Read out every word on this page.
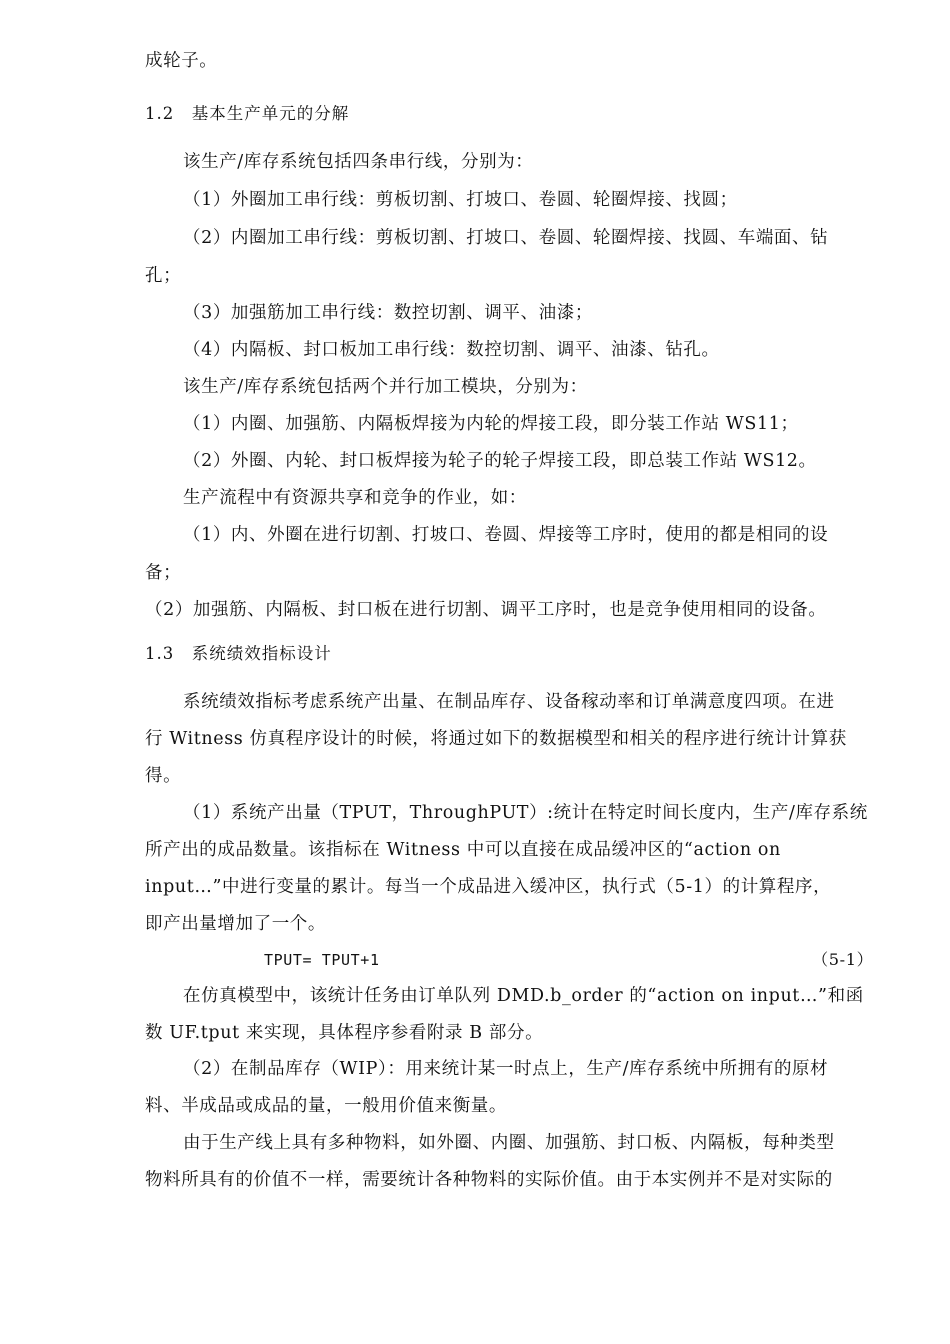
成轮子。
1.2　基本生产单元的分解
该生产/库存系统包括四条串行线，分别为：
（1）外圈加工串行线：剪板切割、打坡口、卷圆、轮圈焊接、找圆；
（2）内圈加工串行线：剪板切割、打坡口、卷圆、轮圈焊接、找圆、车端面、钻
孔；
（3）加强筋加工串行线：数控切割、调平、油漆；
（4）内隔板、封口板加工串行线：数控切割、调平、油漆、钻孔。
该生产/库存系统包括两个并行加工模块，分别为：
（1）内圈、加强筋、内隔板焊接为内轮的焊接工段，即分装工作站 WS11；
（2）外圈、内轮、封口板焊接为轮子的轮子焊接工段，即总装工作站 WS12。
生产流程中有资源共享和竞争的作业，如：
（1）内、外圈在进行切割、打坡口、卷圆、焊接等工序时，使用的都是相同的设
备；
（2）加强筋、内隔板、封口板在进行切割、调平工序时，也是竞争使用相同的设备。
1.3　系统绩效指标设计
系统绩效指标考虑系统产出量、在制品库存、设备稼动率和订单满意度四项。在进
行 Witness 仿真程序设计的时候，将通过如下的数据模型和相关的程序进行统计计算获
得。
（1）系统产出量（TPUT，ThroughPUT）:统计在特定时间长度内，生产/库存系统
所产出的成品数量。该指标在 Witness 中可以直接在成品缓冲区的“action on
input…”中进行变量的累计。每当一个成品进入缓冲区，执行式（5-1）的计算程序，
即产出量增加了一个。
TPUT= TPUT+1	（5-1）
在仿真模型中，该统计任务由订单队列 DMD.b_order 的“action on input…”和函
数 UF.tput 来实现，具体程序参看附录 B 部分。
（2）在制品库存（WIP）：用来统计某一时点上，生产/库存系统中所拥有的原材
料、半成品或成品的量，一般用价值来衡量。
由于生产线上具有多种物料，如外圈、内圈、加强筋、封口板、内隔板，每种类型
物料所具有的价值不一样，需要统计各种物料的实际价值。由于本实例并不是对实际的
